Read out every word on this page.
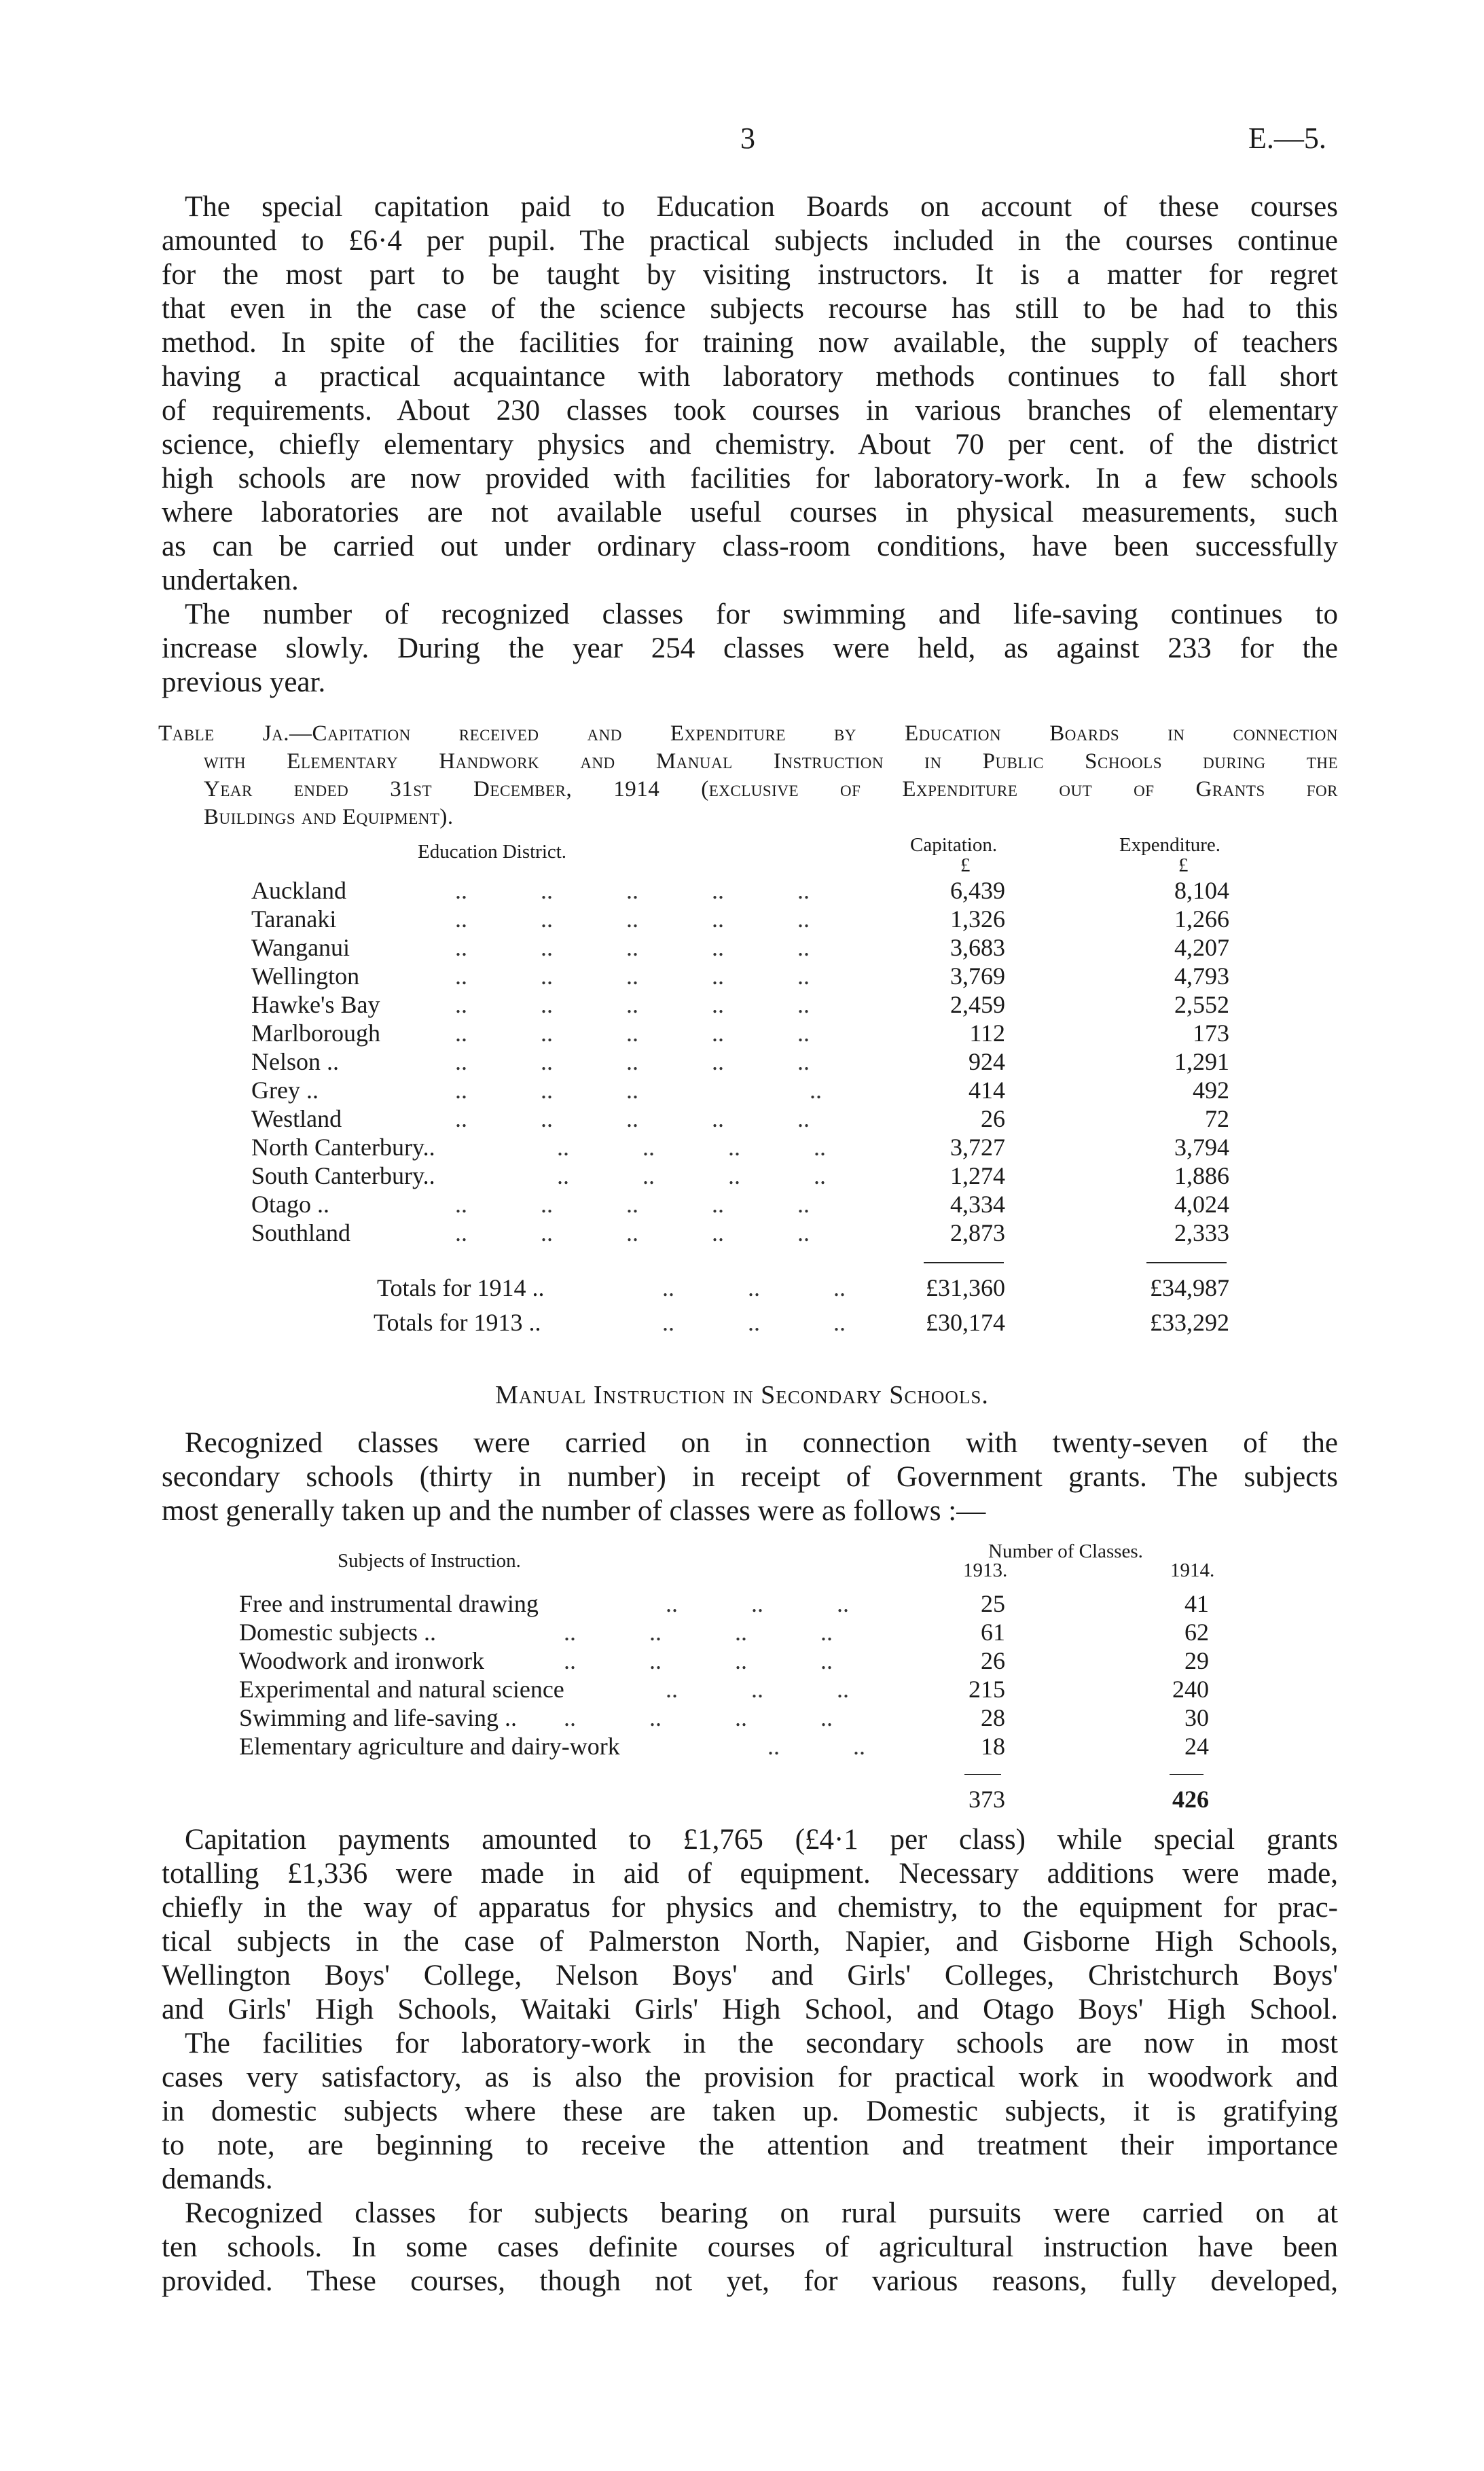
3	E.—5.
The special capitation paid to Education Boards on account of these courses
amounted to £6·4 per pupil. The practical subjects included in the courses continue
for the most part to be taught by visiting instructors. It is a matter for regret
that even in the case of the science subjects recourse has still to be had to this
method. In spite of the facilities for training now available, the supply of teachers
having a practical acquaintance with laboratory methods continues to fall short
of requirements. About 230 classes took courses in various branches of elementary
science, chiefly elementary physics and chemistry. About 70 per cent. of the district
high schools are now provided with facilities for laboratory-work. In a few schools
where laboratories are not available useful courses in physical measurements, such
as can be carried out under ordinary class-room conditions, have been successfully
undertaken.
The number of recognized classes for swimming and life-saving continues to
increase slowly. During the year 254 classes were held, as against 233 for the
previous year.
Table Ja.—Capitation received and Expenditure by Education Boards in connection
with Elementary Handwork and Manual Instruction in Public Schools during the
Year ended 31st December, 1914 (exclusive of Expenditure out of Grants for
Buildings and Equipment).
Education District.	Capitation.
£
Expenditure.
£
Auckland	..   ..   ..   ..   ..	6,439	8,104
Taranaki	..   ..   ..   ..   ..	1,326	1,266
Wanganui	..   ..   ..   ..   ..	3,683	4,207
Wellington	..   ..   ..   ..   ..	3,769	4,793
Hawke's Bay	..   ..   ..   ..   ..	2,459	2,552
Marlborough	..   ..   ..   ..   ..	112	173
Nelson ..	..   ..   ..   ..   ..	924	1,291
Grey ..	..   ..   ..       ..	414	492
Westland	..   ..   ..   ..   ..	26	72
North Canterbury..	..   ..   ..   ..	3,727	3,794
South Canterbury..	..   ..   ..   ..	1,274	1,886
Otago ..	..   ..   ..   ..   ..	4,334	4,024
Southland	..   ..   ..   ..   ..	2,873	2,333
Totals for 1914 ..	..   ..   ..	£31,360	£34,987
Totals for 1913 ..	..   ..   ..	£30,174	£33,292
Manual Instruction in Secondary Schools.
Recognized classes were carried on in connection with twenty-seven of the
secondary schools (thirty in number) in receipt of Government grants. The subjects
most generally taken up and the number of classes were as follows :—
Subjects of Instruction.	Number of Classes.
1913.	1914.
Free and instrumental drawing	..   ..   ..	25	41
Domestic subjects ..	..   ..   ..   ..	61	62
Woodwork and ironwork	..   ..   ..   ..	26	29
Experimental and natural science	..   ..   ..	215	240
Swimming and life-saving .. ..   ..   ..   ..	28	30
Elementary agriculture and dairy-work	..   ..	18	24
373	426
Capitation payments amounted to £1,765 (£4·1 per class) while special grants
totalling £1,336 were made in aid of equipment. Necessary additions were made,
chiefly in the way of apparatus for physics and chemistry, to the equipment for prac-
tical subjects in the case of Palmerston North, Napier, and Gisborne High Schools,
Wellington Boys' College, Nelson Boys' and Girls' Colleges, Christchurch Boys'
and Girls' High Schools, Waitaki Girls' High School, and Otago Boys' High School.
The facilities for laboratory-work in the secondary schools are now in most
cases very satisfactory, as is also the provision for practical work in woodwork and
in domestic subjects where these are taken up. Domestic subjects, it is gratifying
to note, are beginning to receive the attention and treatment their importance
demands.
Recognized classes for subjects bearing on rural pursuits were carried on at
ten schools. In some cases definite courses of agricultural instruction have been
provided. These courses, though not yet, for various reasons, fully developed,
